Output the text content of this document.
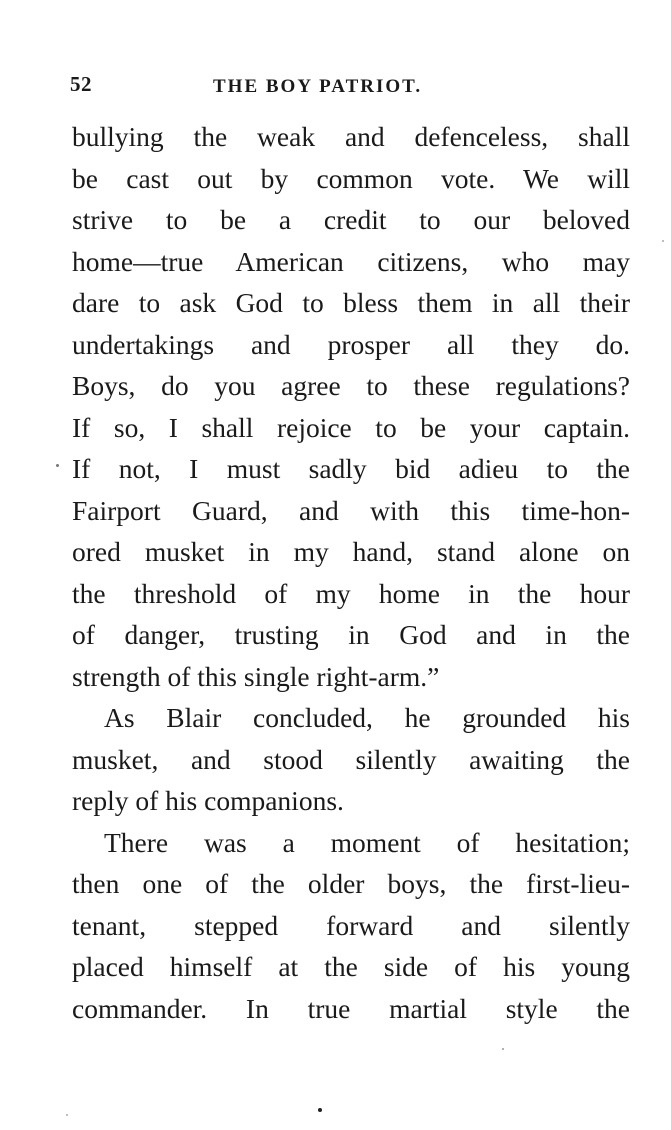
52	THE BOY PATRIOT.
bullying the weak and defenceless, shall
be cast out by common vote. We will
strive to be a credit to our beloved
home—true American citizens, who may
dare to ask God to bless them in all their
undertakings and prosper all they do.
Boys, do you agree to these regulations?
If so, I shall rejoice to be your captain.
If not, I must sadly bid adieu to the
Fairport Guard, and with this time-hon-
ored musket in my hand, stand alone on
the threshold of my home in the hour
of danger, trusting in God and in the
strength of this single right-arm.”
As Blair concluded, he grounded his
musket, and stood silently awaiting the
reply of his companions.
There was a moment of hesitation;
then one of the older boys, the first-lieu-
tenant, stepped forward and silently
placed himself at the side of his young
commander. In true martial style the
